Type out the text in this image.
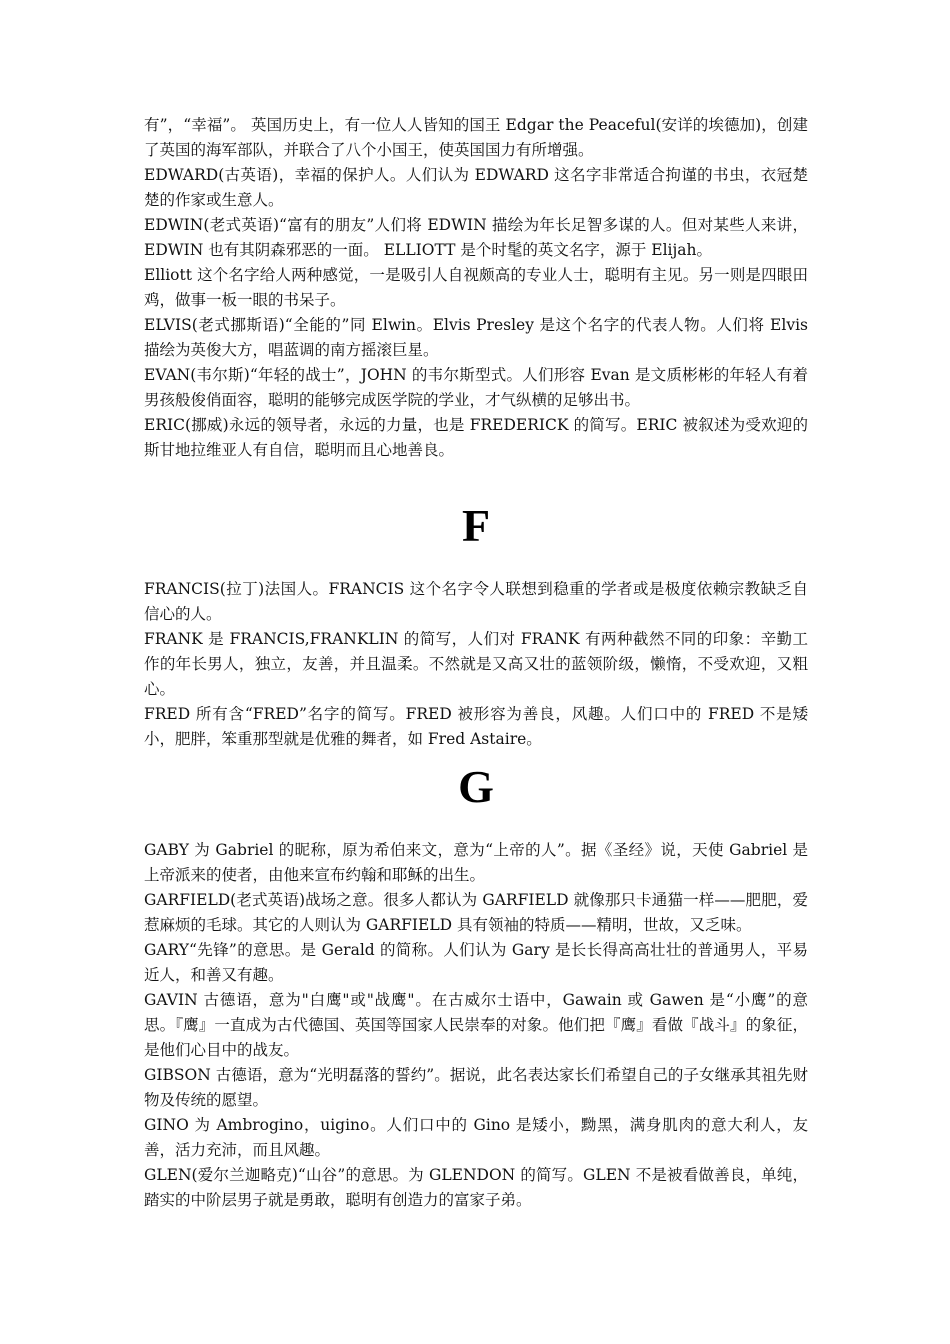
有”，“幸福”。 英国历史上，有一位人人皆知的国王 Edgar the Peaceful(安详的埃德加)，创建了英国的海军部队，并联合了八个小国王，使英国国力有所增强。

EDWARD(古英语)，幸福的保护人。人们认为 EDWARD 这名字非常适合拘谨的书虫，衣冠楚楚的作家或生意人。

EDWIN(老式英语)“富有的朋友”人们将 EDWIN 描绘为年长足智多谋的人。但对某些人来讲，EDWIN 也有其阴森邪恶的一面。 ELLIOTT 是个时髦的英文名字，源于 Elijah。

Elliott 这个名字给人两种感觉，一是吸引人自视颇高的专业人士，聪明有主见。另一则是四眼田鸡，做事一板一眼的书呆子。

ELVIS(老式挪斯语)“全能的”同 Elwin。Elvis Presley 是这个名字的代表人物。人们将 Elvis 描绘为英俊大方，唱蓝调的南方摇滚巨星。

EVAN(韦尔斯)“年轻的战士”，JOHN 的韦尔斯型式。人们形容 Evan 是文质彬彬的年轻人有着男孩般俊俏面容，聪明的能够完成医学院的学业，才气纵横的足够出书。

ERIC(挪威)永远的领导者，永远的力量，也是 FREDERICK 的简写。ERIC 被叙述为受欢迎的斯甘地拉维亚人有自信，聪明而且心地善良。

F

FRANCIS(拉丁)法国人。FRANCIS 这个名字令人联想到稳重的学者或是极度依赖宗教缺乏自信心的人。

FRANK 是 FRANCIS,FRANKLIN 的简写，人们对 FRANK 有两种截然不同的印象：辛勤工作的年长男人，独立，友善，并且温柔。不然就是又高又壮的蓝领阶级，懒惰，不受欢迎，又粗心。

FRED 所有含“FRED”名字的简写。FRED 被形容为善良，风趣。人们口中的 FRED 不是矮小，肥胖，笨重那型就是优雅的舞者，如 Fred Astaire。

G

GABY 为 Gabriel 的昵称，原为希伯来文，意为“上帝的人”。据《圣经》说，天使 Gabriel 是上帝派来的使者，由他来宣布约翰和耶稣的出生。

GARFIELD(老式英语)战场之意。很多人都认为 GARFIELD 就像那只卡通猫一样——肥肥，爱惹麻烦的毛球。其它的人则认为 GARFIELD 具有领袖的特质——精明，世故，又乏味。

GARY“先锋”的意思。是 Gerald 的简称。人们认为 Gary 是长长得高高壮壮的普通男人，平易近人，和善又有趣。

GAVIN 古德语，意为"白鹰"或"战鹰"。在古威尔士语中，Gawain 或 Gawen 是“小鹰”的意思。『鹰』一直成为古代德国、英国等国家人民崇奉的对象。他们把『鹰』看做『战斗』的象征，是他们心目中的战友。

GIBSON 古德语，意为“光明磊落的誓约”。据说，此名表达家长们希望自己的子女继承其祖先财物及传统的愿望。

GINO 为 Ambrogino，uigino。人们口中的 Gino 是矮小，黝黑，满身肌肉的意大利人，友善，活力充沛，而且风趣。

GLEN(爱尔兰迦略克)“山谷”的意思。为 GLENDON 的简写。GLEN 不是被看做善良，单纯，踏实的中阶层男子就是勇敢，聪明有创造力的富家子弟。
